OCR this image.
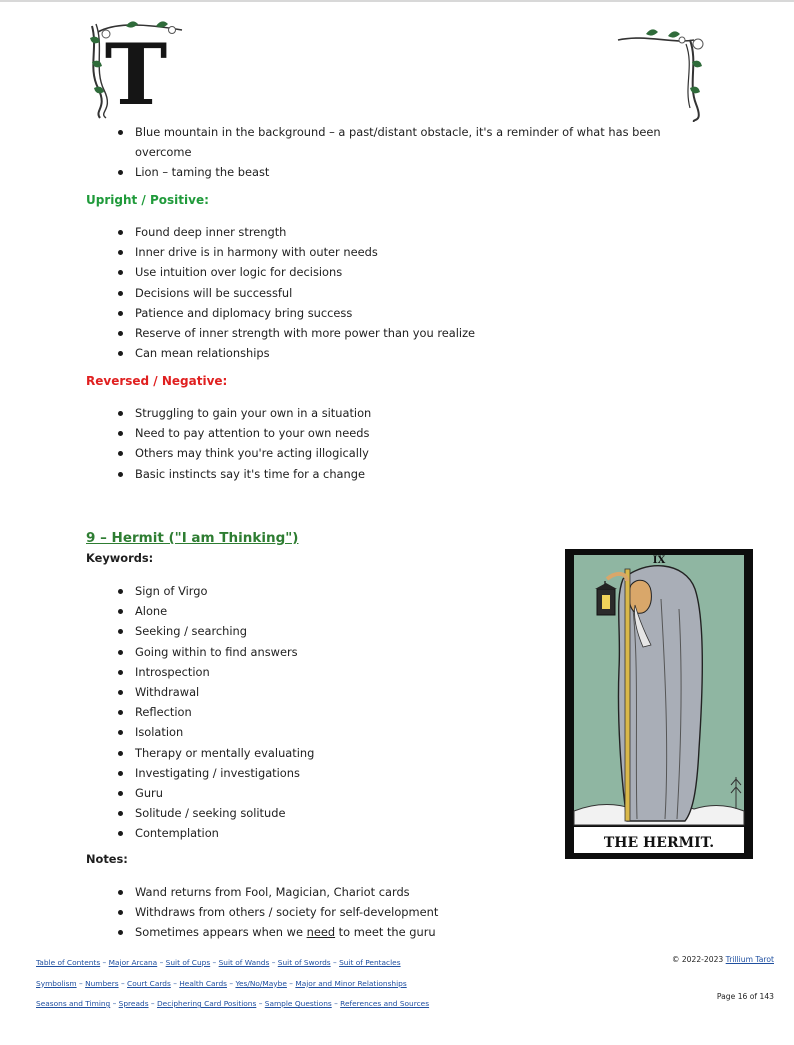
T
Blue mountain in the background – a past/distant obstacle, it's a reminder of what has been overcome
Lion – taming the beast
Upright / Positive:
Found deep inner strength
Inner drive is in harmony with outer needs
Use intuition over logic for decisions
Decisions will be successful
Patience and diplomacy bring success
Reserve of inner strength with more power than you realize
Can mean relationships
Reversed / Negative:
Struggling to gain your own in a situation
Need to pay attention to your own needs
Others may think you're acting illogically
Basic instincts say it's time for a change
9 – Hermit ("I am Thinking")
Keywords:
Sign of Virgo
Alone
Seeking / searching
Going within to find answers
Introspection
Withdrawal
Reflection
Isolation
Therapy or mentally evaluating
Investigating / investigations
Guru
Solitude / seeking solitude
Contemplation
Notes:
Wand returns from Fool, Magician, Chariot cards
Withdraws from others / society for self-development
Sometimes appears when we need to meet the guru
IX
THE HERMIT.
Table of Contents – Major Arcana – Suit of Cups – Suit of Wands – Suit of Swords – Suit of Pentacles
Symbolism – Numbers – Court Cards – Health Cards – Yes/No/Maybe – Major and Minor Relationships
Seasons and Timing – Spreads – Deciphering Card Positions – Sample Questions – References and Sources
© 2022-2023 Trillium Tarot
Page 16 of 143
